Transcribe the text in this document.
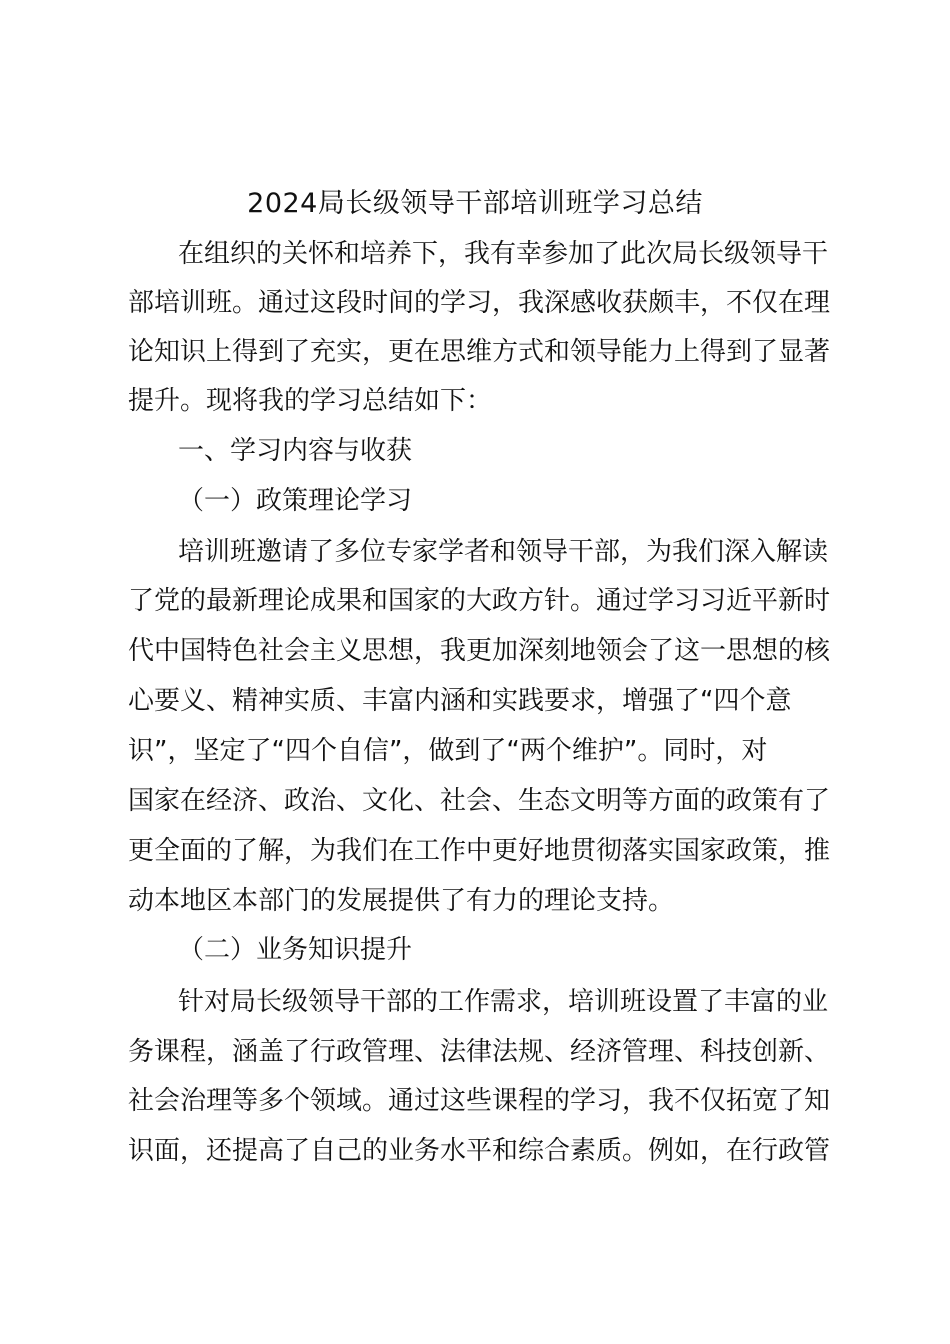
2024局长级领导干部培训班学习总结

在组织的关怀和培养下，我有幸参加了此次局长级领导干

部培训班。通过这段时间的学习，我深感收获颇丰，不仅在理

论知识上得到了充实，更在思维方式和领导能力上得到了显著

提升。现将我的学习总结如下：

一、学习内容与收获

（一）政策理论学习

培训班邀请了多位专家学者和领导干部，为我们深入解读

了党的最新理论成果和国家的大政方针。通过学习习近平新时

代中国特色社会主义思想，我更加深刻地领会了这一思想的核

心要义、精神实质、丰富内涵和实践要求，增强了“四个意

识”，坚定了“四个自信”，做到了“两个维护”。同时，对

国家在经济、政治、文化、社会、生态文明等方面的政策有了

更全面的了解，为我们在工作中更好地贯彻落实国家政策，推

动本地区本部门的发展提供了有力的理论支持。

（二）业务知识提升

针对局长级领导干部的工作需求，培训班设置了丰富的业

务课程，涵盖了行政管理、法律法规、经济管理、科技创新、

社会治理等多个领域。通过这些课程的学习，我不仅拓宽了知

识面，还提高了自己的业务水平和综合素质。例如，在行政管
